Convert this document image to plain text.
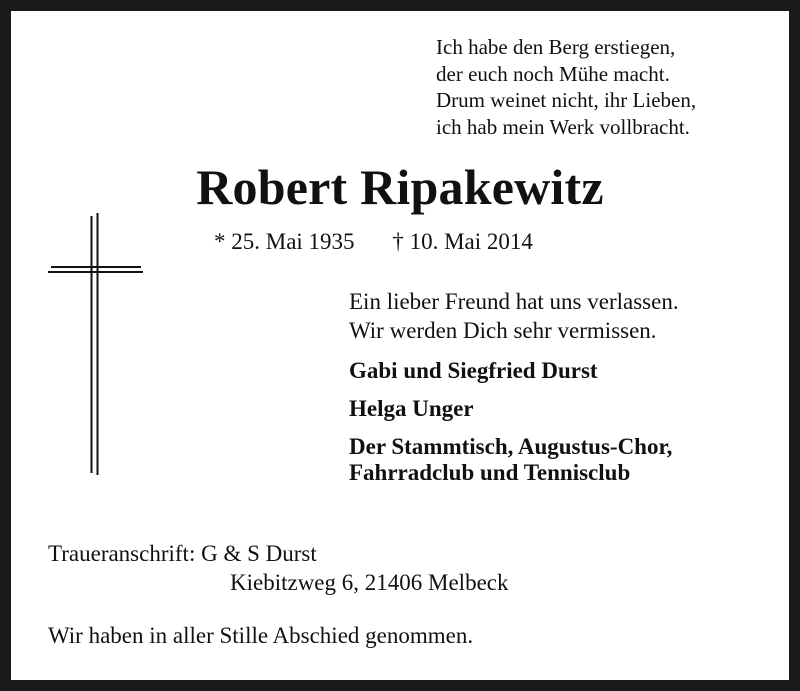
Ich habe den Berg erstiegen,
der euch noch Mühe macht.
Drum weinet nicht, ihr Lieben,
ich hab mein Werk vollbracht.
Robert Ripakewitz
* 25. Mai 1935 † 10. Mai 2014
Ein lieber Freund hat uns verlassen.
Wir werden Dich sehr vermissen.
Gabi und Siegfried Durst
Helga Unger
Der Stammtisch, Augustus-Chor,
Fahrradclub und Tennisclub
Traueranschrift: G & S Durst
Kiebitzweg 6, 21406 Melbeck
Wir haben in aller Stille Abschied genommen.
